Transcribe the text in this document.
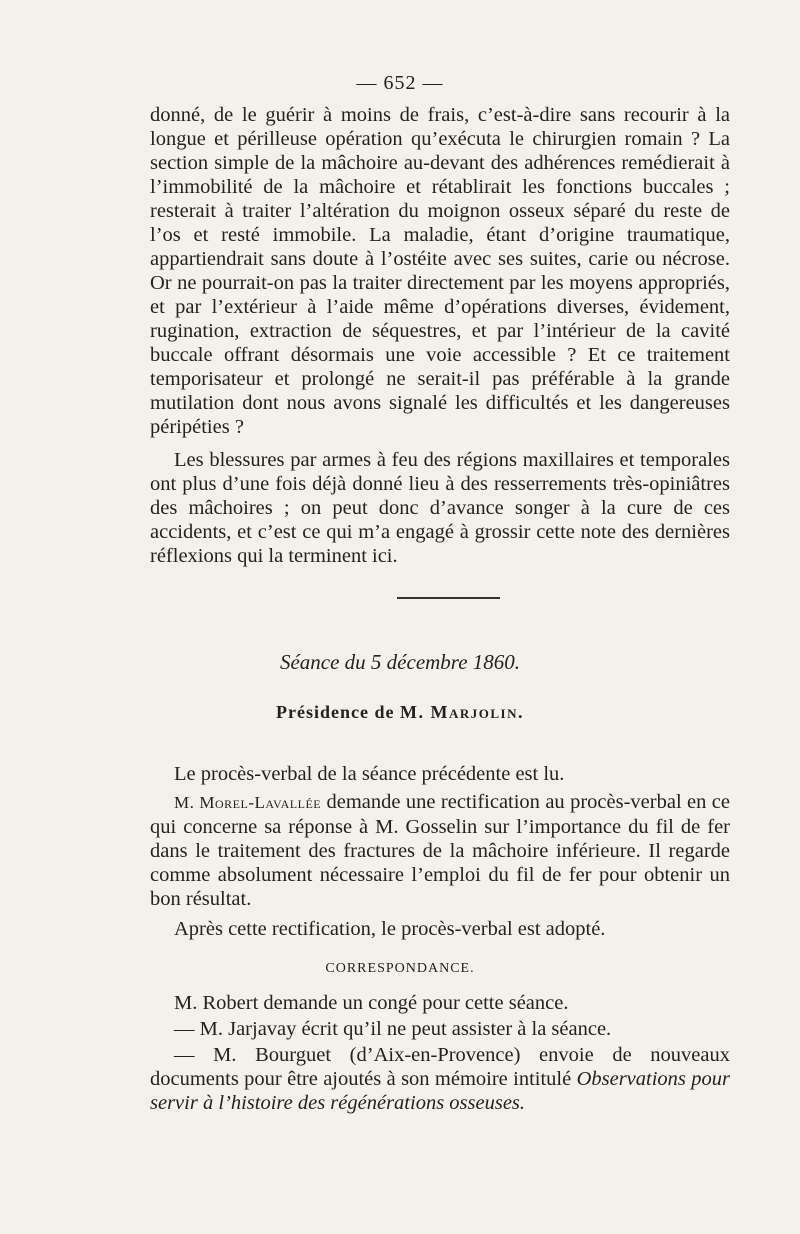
— 652 —
donné, de le guérir à moins de frais, c’est-à-dire sans recourir à la longue et périlleuse opération qu’exécuta le chirurgien romain ? La section simple de la mâchoire au-devant des adhérences remédierait à l’immobilité de la mâchoire et rétablirait les fonctions buccales ; resterait à traiter l’altération du moignon osseux séparé du reste de l’os et resté immobile. La maladie, étant d’origine traumatique, appartiendrait sans doute à l’ostéite avec ses suites, carie ou nécrose. Or ne pourrait-on pas la traiter directement par les moyens appropriés, et par l’extérieur à l’aide même d’opérations diverses, évidement, rugination, extraction de séquestres, et par l’intérieur de la cavité buccale offrant désormais une voie accessible ? Et ce traitement temporisateur et prolongé ne serait-il pas préférable à la grande mutilation dont nous avons signalé les difficultés et les dangereuses péripéties ?
Les blessures par armes à feu des régions maxillaires et temporales ont plus d’une fois déjà donné lieu à des resserrements très-opiniâtres des mâchoires ; on peut donc d’avance songer à la cure de ces accidents, et c’est ce qui m’a engagé à grossir cette note des dernières réflexions qui la terminent ici.
Séance du 5 décembre 1860.
Présidence de M. Marjolin.
Le procès-verbal de la séance précédente est lu.
M. Morel-Lavallée demande une rectification au procès-verbal en ce qui concerne sa réponse à M. Gosselin sur l’importance du fil de fer dans le traitement des fractures de la mâchoire inférieure. Il regarde comme absolument nécessaire l’emploi du fil de fer pour obtenir un bon résultat.
Après cette rectification, le procès-verbal est adopté.
CORRESPONDANCE.
M. Robert demande un congé pour cette séance.
— M. Jarjavay écrit qu’il ne peut assister à la séance.
— M. Bourguet (d’Aix-en-Provence) envoie de nouveaux documents pour être ajoutés à son mémoire intitulé Observations pour servir à l’histoire des régénérations osseuses.
